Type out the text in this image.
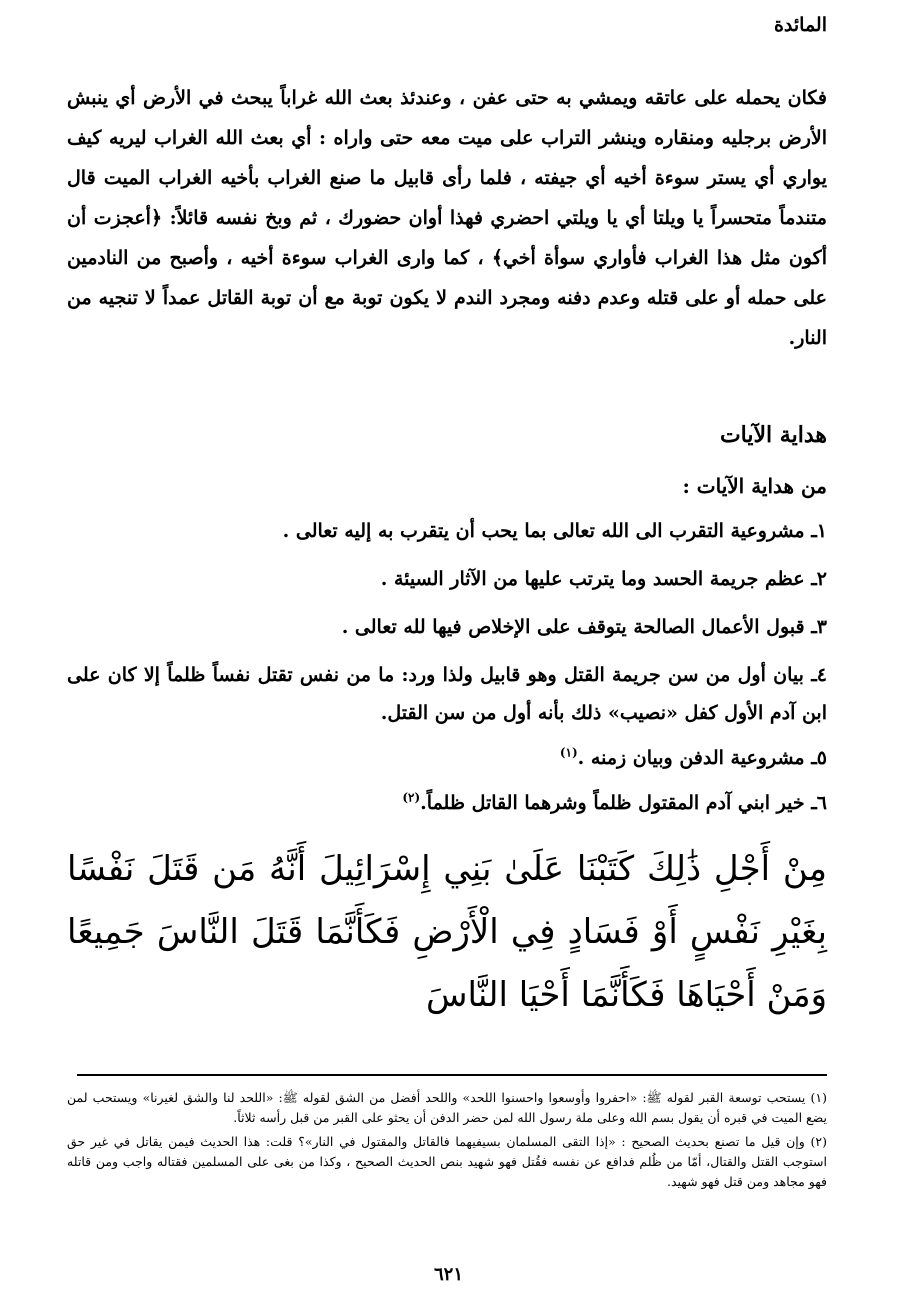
المائدة

فكان يحمله على عاتقه ويمشي به حتى عفن ، وعندئذ بعث الله غراباً يبحث في الأرض أي ينبش الأرض برجليه ومنقاره وينشر التراب على ميت معه حتى واراه : أي بعث الله الغراب ليريه كيف يواري أي يستر سوءة أخيه أي جيفته ، فلما رأى قابيل ما صنع الغراب بأخيه الغراب الميت قال متندماً متحسراً يا ويلتا أي يا ويلتي احضري فهذا أوان حضورك ، ثم وبخ نفسه قائلاً: ﴿أعجزت أن أكون مثل هذا الغراب فأواري سوأة أخي﴾ ، كما وارى الغراب سوءة أخيه ، وأصبح من النادمين على حمله أو على قتله وعدم دفنه ومجرد الندم لا يكون توبة مع أن توبة القاتل عمداً لا تنجيه من النار.

هداية الآيات
من هداية الآيات :
١ـ مشروعية التقرب الى الله تعالى بما يحب أن يتقرب به إليه تعالى .
٢ـ عظم جريمة الحسد وما يترتب عليها من الآثار السيئة .
٣ـ قبول الأعمال الصالحة يتوقف على الإخلاص فيها لله تعالى .
٤ـ بيان أول من سن جريمة القتل وهو قابيل ولذا ورد: ما من نفس تقتل نفساً ظلماً إلا كان على ابن آدم الأول كفل «نصيب» ذلك بأنه أول من سن القتل.
٥ـ مشروعية الدفن وبيان زمنه .$^{(١)}$
٦ـ خير ابني آدم المقتول ظلماً وشرهما القاتل ظلماً.$^{(٢)}$

مِنْ أَجْلِ ذَٰلِكَ كَتَبْنَا عَلَىٰ بَنِي إِسْرَائِيلَ أَنَّهُ مَن قَتَلَ نَفْسًا بِغَيْرِ نَفْسٍ أَوْ فَسَادٍ فِي الْأَرْضِ فَكَأَنَّمَا قَتَلَ النَّاسَ جَمِيعًا وَمَنْ أَحْيَاهَا فَكَأَنَّمَا أَحْيَا النَّاسَ

(١) يستحب توسعة القبر لقوله ﷺ: «احفروا وأوسعوا واحسنوا اللحد» واللحد أفضل من الشق لقوله ﷺ: «اللحد لنا والشق لغيرنا» ويستحب لمن يضع الميت في قبره أن يقول بسم الله وعلى ملة رسول الله لمن حضر الدفن أن يحثو على القبر من قبل رأسه ثلاثاً.

(٢) وإن قيل ما تصنع بحديث الصحيح : «إذا التقى المسلمان بسيفيهما فالقاتل والمقتول في النار»؟ قلت: هذا الحديث فيمن يقاتل في غير حق استوجب القتل والقتال، أمّا من ظُلم فدافع عن نفسه فقُتل فهو شهيد بنص الحديث الصحيح ، وكذا من بغى على المسلمين فقتاله واجب ومن قاتله فهو مجاهد ومن قتل فهو شهيد.

٦٢١
